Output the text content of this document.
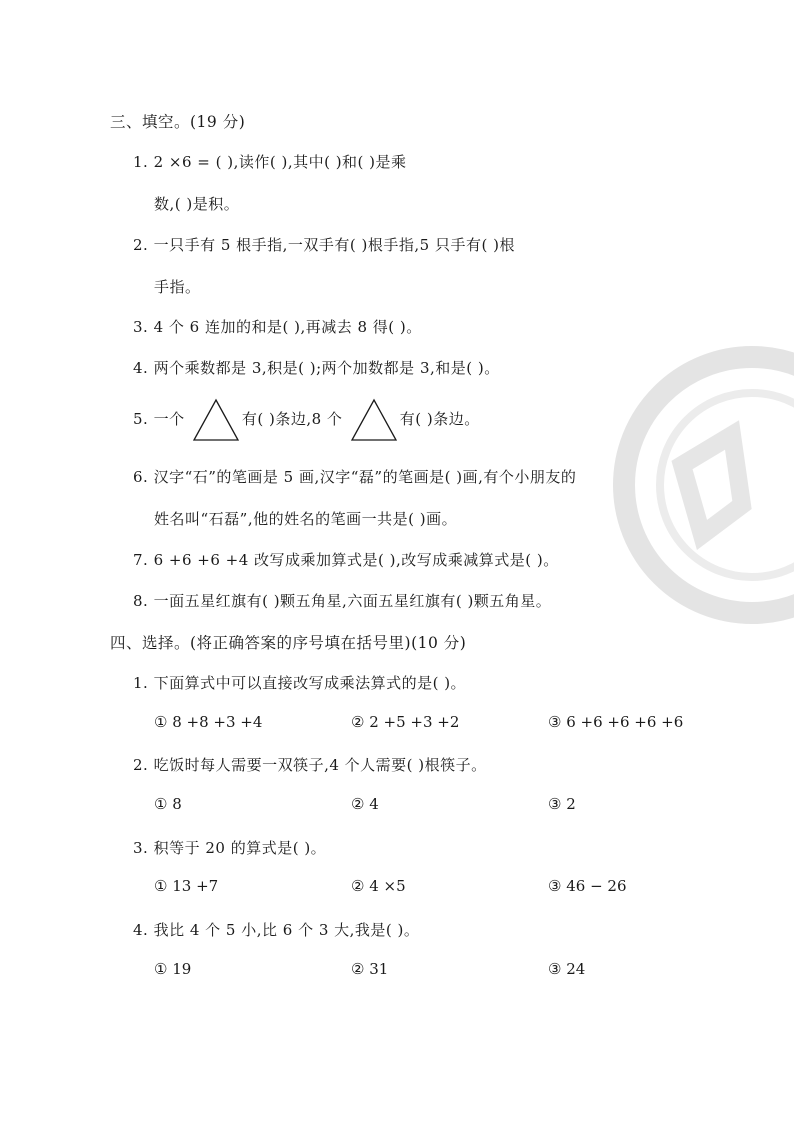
三、填空。(19 分)
1. 2 ×6 = ( ),读作( ),其中( )和( )是乘
数,( )是积。
2. 一只手有 5 根手指,一双手有( )根手指,5 只手有( )根
手指。
3. 4 个 6 连加的和是( ),再减去 8 得( )。
4. 两个乘数都是 3,积是( );两个加数都是 3,和是( )。
5. 一个	有( )条边,8 个	有( )条边。
6. 汉字“石”的笔画是 5 画,汉字“磊”的笔画是( )画,有个小朋友的
姓名叫“石磊”,他的姓名的笔画一共是( )画。
7. 6 +6 +6 +4 改写成乘加算式是( ),改写成乘减算式是( )。
8. 一面五星红旗有( )颗五角星,六面五星红旗有( )颗五角星。
四、选择。(将正确答案的序号填在括号里)(10 分)
1. 下面算式中可以直接改写成乘法算式的是( )。
① 8 +8 +3 +4	② 2 +5 +3 +2	③ 6 +6 +6 +6 +6
2. 吃饭时每人需要一双筷子,4 个人需要( )根筷子。
① 8	② 4	③ 2
3. 积等于 20 的算式是( )。
① 13 +7	② 4 ×5	③ 46 − 26
4. 我比 4 个 5 小,比 6 个 3 大,我是( )。
① 19	② 31	③ 24
